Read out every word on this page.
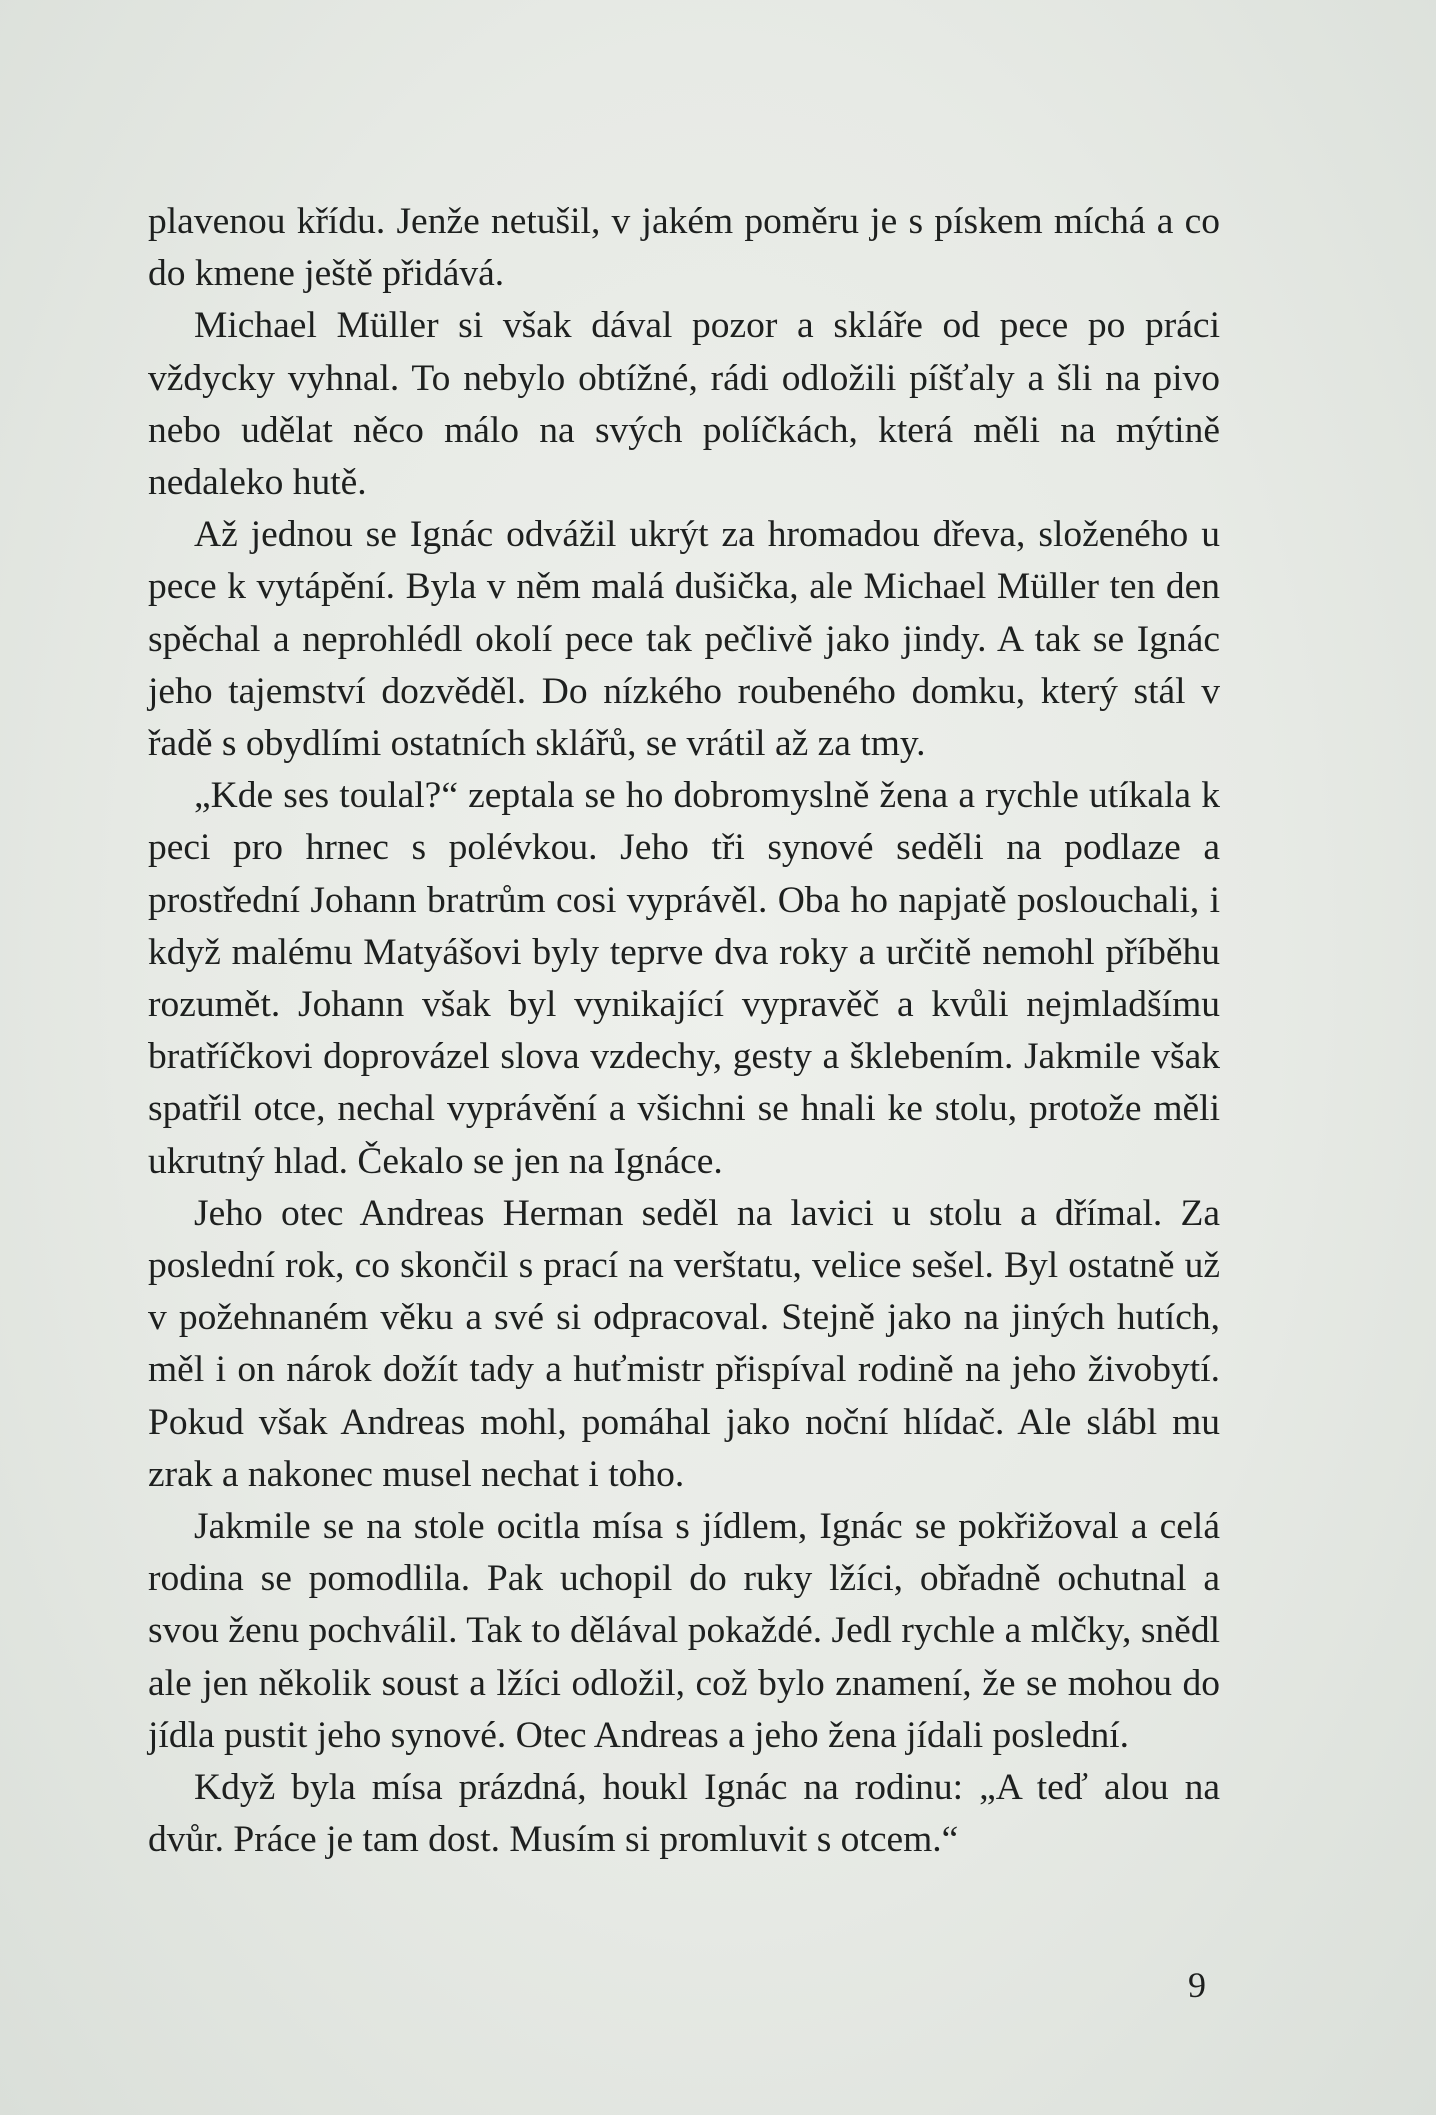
plavenou křídu. Jenže netušil, v jakém poměru je s pískem míchá a co do kmene ještě přidává.

Michael Müller si však dával pozor a skláře od pece po práci vždycky vyhnal. To nebylo obtížné, rádi odložili píšťaly a šli na pivo nebo udělat něco málo na svých políčkách, která měli na mýtině nedaleko hutě.

Až jednou se Ignác odvážil ukrýt za hromadou dřeva, složeného u pece k vytápění. Byla v něm malá dušička, ale Michael Müller ten den spěchal a neprohlédl okolí pece tak pečlivě jako jindy. A tak se Ignác jeho tajemství dozvěděl. Do nízkého roubeného domku, který stál v řadě s obydlími ostatních sklářů, se vrátil až za tmy.

„Kde ses toulal?“ zeptala se ho dobromyslně žena a rychle utíkala k peci pro hrnec s polévkou. Jeho tři synové seděli na podlaze a prostřední Johann bratrům cosi vyprávěl. Oba ho napjatě poslouchali, i když malému Matyášovi byly teprve dva roky a určitě nemohl příběhu rozumět. Johann však byl vynikající vypravěč a kvůli nejmladšímu bratříčkovi doprovázel slova vzdechy, gesty a šklebením. Jakmile však spatřil otce, nechal vyprávění a všichni se hnali ke stolu, protože měli ukrutný hlad. Čekalo se jen na Ignáce.

Jeho otec Andreas Herman seděl na lavici u stolu a dřímal. Za poslední rok, co skončil s prací na verštatu, velice sešel. Byl ostatně už v požehnaném věku a své si odpracoval. Stejně jako na jiných hutích, měl i on nárok dožít tady a huťmistr přispíval rodině na jeho živobytí. Pokud však Andreas mohl, pomáhal jako noční hlídač. Ale slábl mu zrak a nakonec musel nechat i toho.

Jakmile se na stole ocitla mísa s jídlem, Ignác se pokřižoval a celá rodina se pomodlila. Pak uchopil do ruky lžíci, obřadně ochutnal a svou ženu pochválil. Tak to dělával pokaždé. Jedl rychle a mlčky, snědl ale jen několik soust a lžíci odložil, což bylo znamení, že se mohou do jídla pustit jeho synové. Otec Andreas a jeho žena jídali poslední.

Když byla mísa prázdná, houkl Ignác na rodinu: „A teď alou na dvůr. Práce je tam dost. Musím si promluvit s otcem.“

9
